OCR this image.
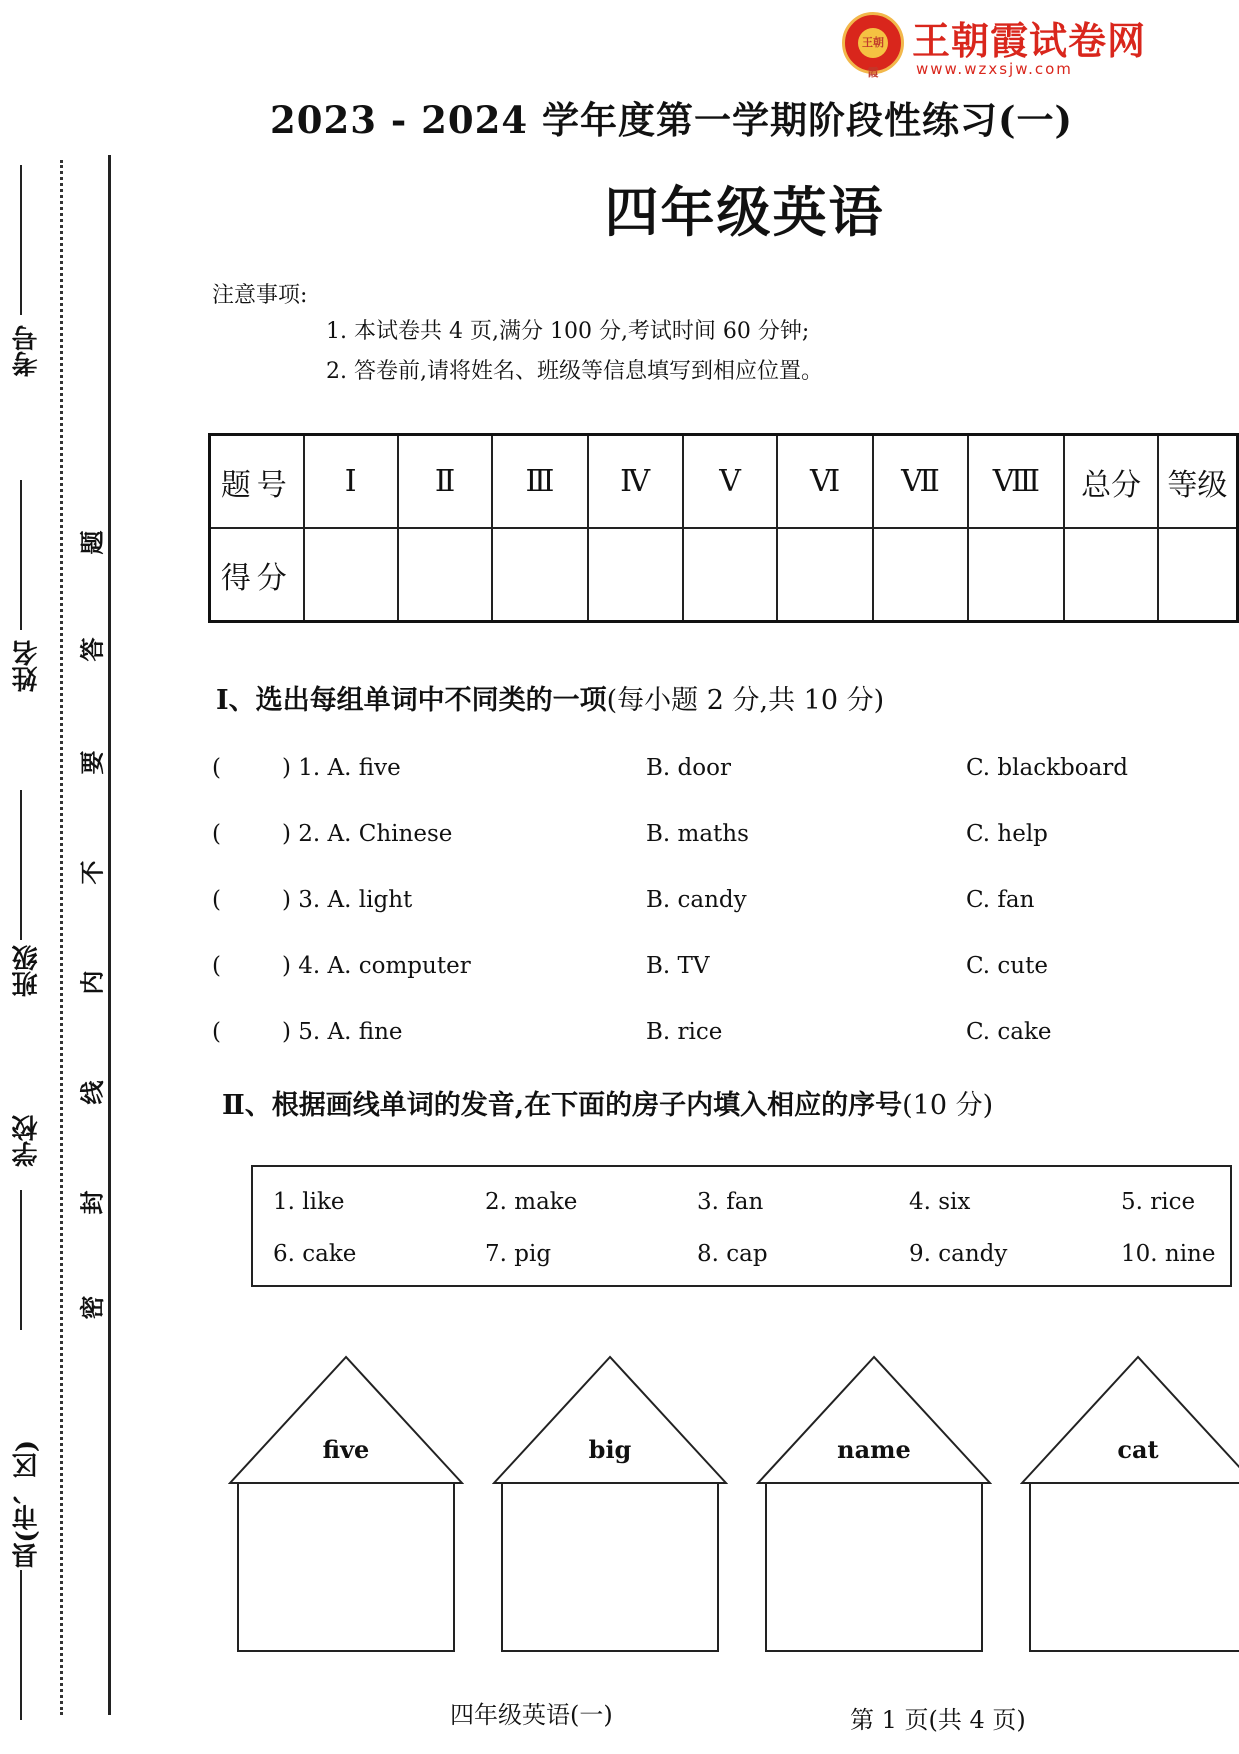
王朝霞
王朝霞试卷网
www.wzxsjw.com
2023 - 2024 学年度第一学期阶段性练习(一)
四年级英语
注意事项:
1. 本试卷共 4 页,满分 100 分,考试时间 60 分钟;
2. 答卷前,请将姓名、班级等信息填写到相应位置。
题号	Ⅰ	Ⅱ	Ⅲ	Ⅳ	Ⅴ	Ⅵ	Ⅶ	Ⅷ	总分	等级
得分										
Ⅰ、选出每组单词中不同类的一项(每小题 2 分,共 10 分)
(	) 1. A. five	B. door	C. blackboard
(	) 2. A. Chinese	B. maths	C. help
(	) 3. A. light	B. candy	C. fan
(	) 4. A. computer	B. TV	C. cute
(	) 5. A. fine	B. rice	C. cake
Ⅱ、根据画线单词的发音,在下面的房子内填入相应的序号(10 分)
1. like	2. make	3. fan	4. six	5. rice
6. cake	7. pig	8. cap	9. candy	10. nine
five	big	name	cat
考号
姓名
班级
学校
县(市、区)
题
答
要
不
内
线
封
密
四年级英语(一)	第 1 页(共 4 页)
